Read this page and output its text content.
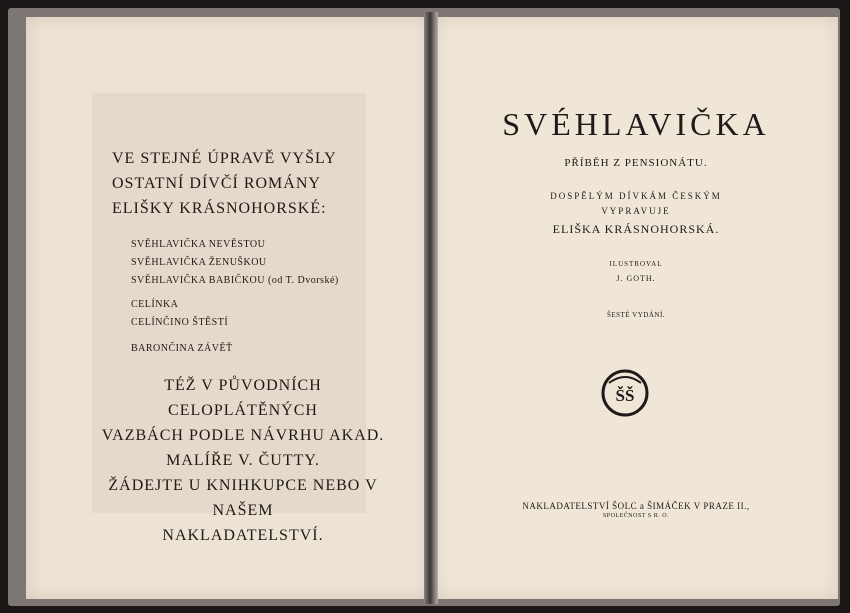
VE STEJNÉ ÚPRAVĚ VYŠLY
OSTATNÍ DÍVČÍ ROMÁNY
ELIŠKY KRÁSNOHORSKÉ:
SVĚHLAVIČKA NEVĚSTOU
SVĚHLAVIČKA ŽENUŠKOU
SVĚHLAVIČKA BABIČKOU (od T. Dvorské)
CELÍNKA
CELÍNČINO ŠTĚSTÍ
BARONČINA ZÁVĚŤ
TÉŽ V PŮVODNÍCH CELOPLÁTĚNÝCH
VAZBÁCH PODLE NÁVRHU AKAD.
MALÍŘE V. ČUTTY.
ŽÁDEJTE U KNIHKUPCE NEBO V NAŠEM
NAKLADATELSTVÍ.
SVÉHLAVIČKA
PŘÍBĚH Z PENSIONÁTU.
DOSPĚLÝM DÍVKÁM ČESKÝM
VYPRAVUJE
ELIŠKA KRÁSNOHORSKÁ.
ILUSTROVAL
J. GOTH.
ŠESTÉ VYDÁNÍ.
ŠŠ
NAKLADATELSTVÍ ŠOLC a ŠIMÁČEK V PRAZE II.,
SPOLEČNOST S R. O.
